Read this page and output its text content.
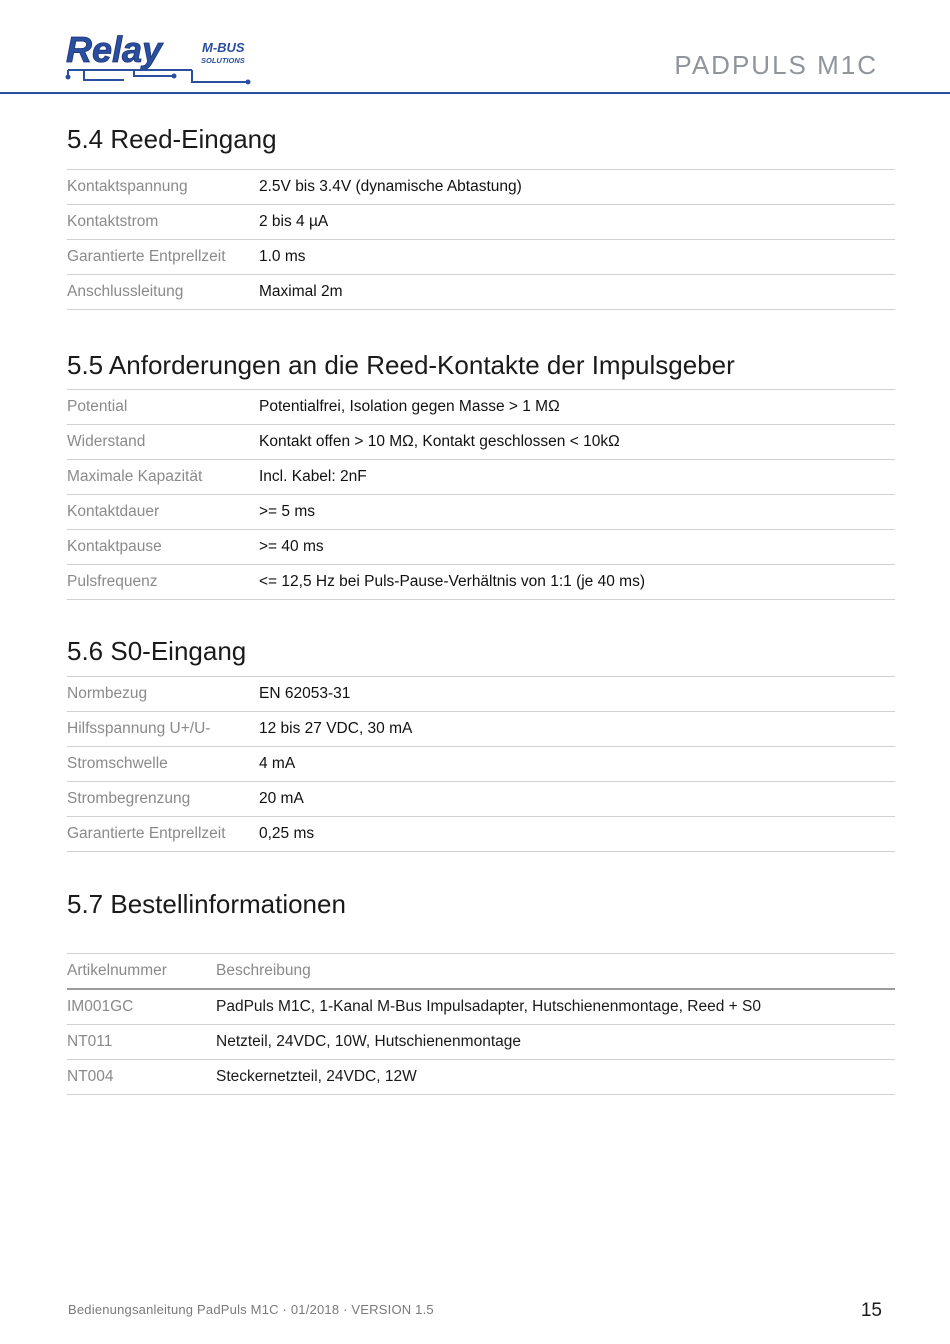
Relay	M-BUS
SOLUTIONS	PADPULS M1C
5.4 Reed-Eingang
Kontaktspannung	2.5V bis 3.4V (dynamische Abtastung)
Kontaktstrom	2 bis 4 µA
Garantierte Entprellzeit	1.0 ms
Anschlussleitung	Maximal 2m
5.5 Anforderungen an die Reed-Kontakte der Impulsgeber
Potential	Potentialfrei, Isolation gegen Masse > 1 MΩ
Widerstand	Kontakt offen > 10 MΩ, Kontakt geschlossen < 10kΩ
Maximale Kapazität	Incl. Kabel: 2nF
Kontaktdauer	>= 5 ms
Kontaktpause	>= 40 ms
Pulsfrequenz	<= 12,5 Hz bei Puls-Pause-Verhältnis von 1:1 (je 40 ms)
5.6 S0-Eingang
Normbezug	EN 62053-31
Hilfsspannung U+/U-	12 bis 27 VDC, 30 mA
Stromschwelle	4 mA
Strombegrenzung	20 mA
Garantierte Entprellzeit	0,25 ms
5.7 Bestellinformationen
Artikelnummer	Beschreibung
IM001GC	PadPuls M1C, 1-Kanal M-Bus Impulsadapter, Hutschienenmontage, Reed + S0
NT011	Netzteil, 24VDC, 10W, Hutschienenmontage
NT004	Steckernetzteil, 24VDC, 12W
Bedienungsanleitung PadPuls M1C · 01/2018 · VERSION 1.5	15
